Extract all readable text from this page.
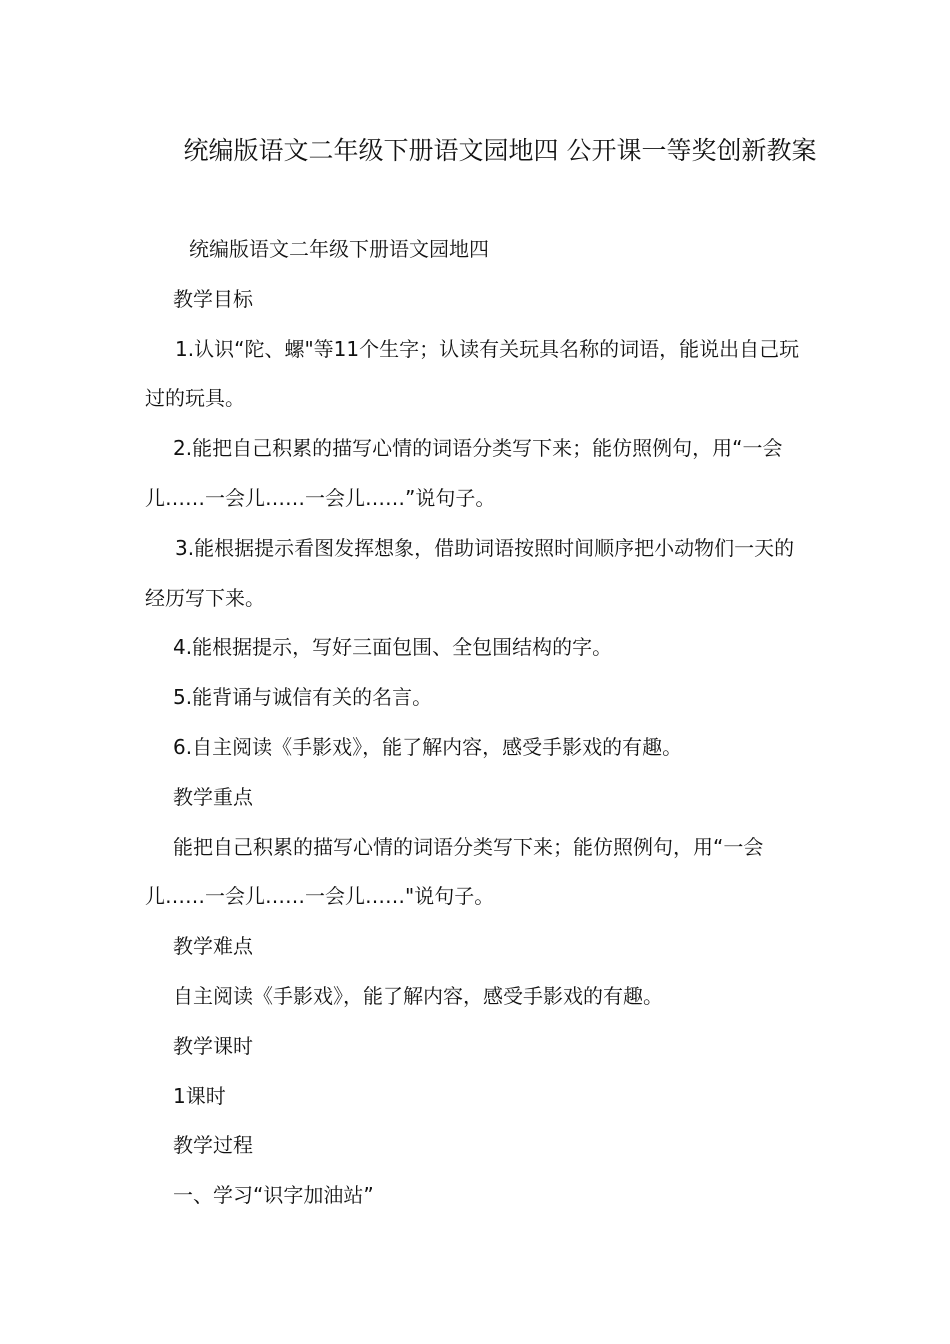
统编版语文二年级下册语文园地四 公开课一等奖创新教案

统编版语文二年级下册语文园地四

教学目标

1.认识“陀、螺"等11个生字；认读有关玩具名称的词语，能说出自己玩过的玩具。

2.能把自己积累的描写心情的词语分类写下来；能仿照例句，用“一会儿……一会儿……一会儿……”说句子。

3.能根据提示看图发挥想象，借助词语按照时间顺序把小动物们一天的经历写下来。

4.能根据提示，写好三面包围、全包围结构的字。

5.能背诵与诚信有关的名言。

6.自主阅读《手影戏》，能了解内容，感受手影戏的有趣。

教学重点

能把自己积累的描写心情的词语分类写下来；能仿照例句，用“一会儿……一会儿……一会儿……"说句子。

教学难点

自主阅读《手影戏》，能了解内容，感受手影戏的有趣。

教学课时

1课时

教学过程

一、学习“识字加油站”
